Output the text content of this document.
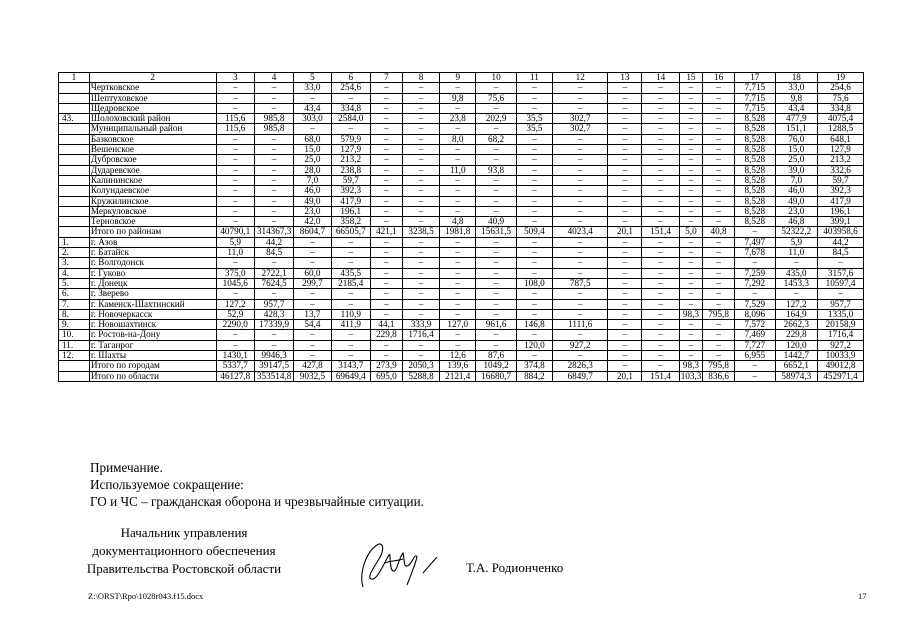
1	2	3	4	5	6	7	8	9	10	11	12	13	14	15	16	17	18	19
	Чертковское	–	–	33,0	254,6	–	–	–	–	–	–	–	–	–	–	7,715	33,0	254,6
	Шептуховское	–	–	–	–	–	–	9,8	75,6	–	–	–	–	–	–	7,715	9,8	75,6
	Щедровское	–	–	43,4	334,8	–	–	–	–	–	–	–	–	–	–	7,715	43,4	334,8
43.	Шолоховский район	115,6	985,8	303,0	2584,0	–	–	23,8	202,9	35,5	302,7	–	–	–	–	8,528	477,9	4075,4
	Муниципальный район	115,6	985,8	–	–	–	–	–	–	35,5	302,7	–	–	–	–	8,528	151,1	1288,5
	Базковское	–	–	68,0	579,9	–	–	8,0	68,2	–	–	–	–	–	–	8,528	76,0	648,1
	Вешенское	–	–	15,0	127,9	–	–	–	–	–	–	–	–	–	–	8,528	15,0	127,9
	Дубровское	–	–	25,0	213,2	–	–	–	–	–	–	–	–	–	–	8,528	25,0	213,2
	Дударевское	–	–	28,0	238,8	–	–	11,0	93,8	–	–	–	–	–	–	8,528	39,0	332,6
	Калининское	–	–	7,0	59,7	–	–	–	–	–	–	–	–	–	–	8,528	7,0	59,7
	Колундаевское	–	–	46,0	392,3	–	–	–	–	–	–	–	–	–	–	8,528	46,0	392,3
	Кружилинское	–	–	49,0	417,9	–	–	–	–	–	–	–	–	–	–	8,528	49,0	417,9
	Меркуловское	–	–	23,0	196,1	–	–	–	–	–	–	–	–	–	–	8,528	23,0	196,1
	Терновское	–	–	42,0	358,2	–	–	4,8	40,9	–	–	–	–	–	–	8,528	46,8	399,1
	Итого по районам	40790,1	314367,3	8604,7	66505,7	421,1	3238,5	1981,8	15631,5	509,4	4023,4	20,1	151,4	5,0	40,8	–	52322,2	403958,6
1.	г. Азов	5,9	44,2	–	–	–	–	–	–	–	–	–	–	–	–	7,497	5,9	44,2
2.	г. Батайск	11,0	84,5	–	–	–	–	–	–	–	–	–	–	–	–	7,678	11,0	84,5
3.	г. Волгодонск	–	–	–	–	–	–	–	–	–	–	–	–	–	–	–	–	–
4.	г. Гуково	375,0	2722,1	60,0	435,5	–	–	–	–	–	–	–	–	–	–	7,259	435,0	3157,6
5.	г. Донецк	1045,6	7624,5	299,7	2185,4	–	–	–	–	108,0	787,5	–	–	–	–	7,292	1453,3	10597,4
6.	г. Зверево	–	–	–	–	–	–	–	–	–	–	–	–	–	–	–	–	–
7.	г. Каменск-Шахтинский	127,2	957,7	–	–	–	–	–	–	–	–	–	–	–	–	7,529	127,2	957,7
8.	г. Новочеркасск	52,9	428,3	13,7	110,9	–	–	–	–	–	–	–	–	98,3	795,8	8,096	164,9	1335,0
9.	г. Новошахтинск	2290,0	17339,9	54,4	411,9	44,1	333,9	127,0	961,6	146,8	1111,6	–	–	–	–	7,572	2662,3	20158,9
10.	г. Ростов-на-Дону	–	–	–	–	229,8	1716,4	–	–	–	–	–	–	–	–	7,469	229,8	1716,4
11.	г. Таганрог	–	–	–	–	–	–	–	–	120,0	927,2	–	–	–	–	7,727	120,0	927,2
12.	г. Шахты	1430,1	9946,3	–	–	–	–	12,6	87,6	–	–	–	–	–	–	6,955	1442,7	10033,9
	Итого по городам	5337,7	39147,5	427,8	3143,7	273,9	2050,3	139,6	1049,2	374,8	2826,3	–	–	98,3	795,8	–	6652,1	49012,8
	Итого по области	46127,8	353514,8	9032,5	69649,4	695,0	5288,8	2121,4	16680,7	884,2	6849,7	20,1	151,4	103,3	836,6	–	58974,3	452971,4
Примечание.
Используемое сокращение:
ГО и ЧС – гражданская оборона и чрезвычайные ситуации.
Начальник управления
документационного обеспечения
Правительства Ростовской области	Т.А. Родионченко
Z:\ORST\Rpo\1028r043.f15.docx	17
